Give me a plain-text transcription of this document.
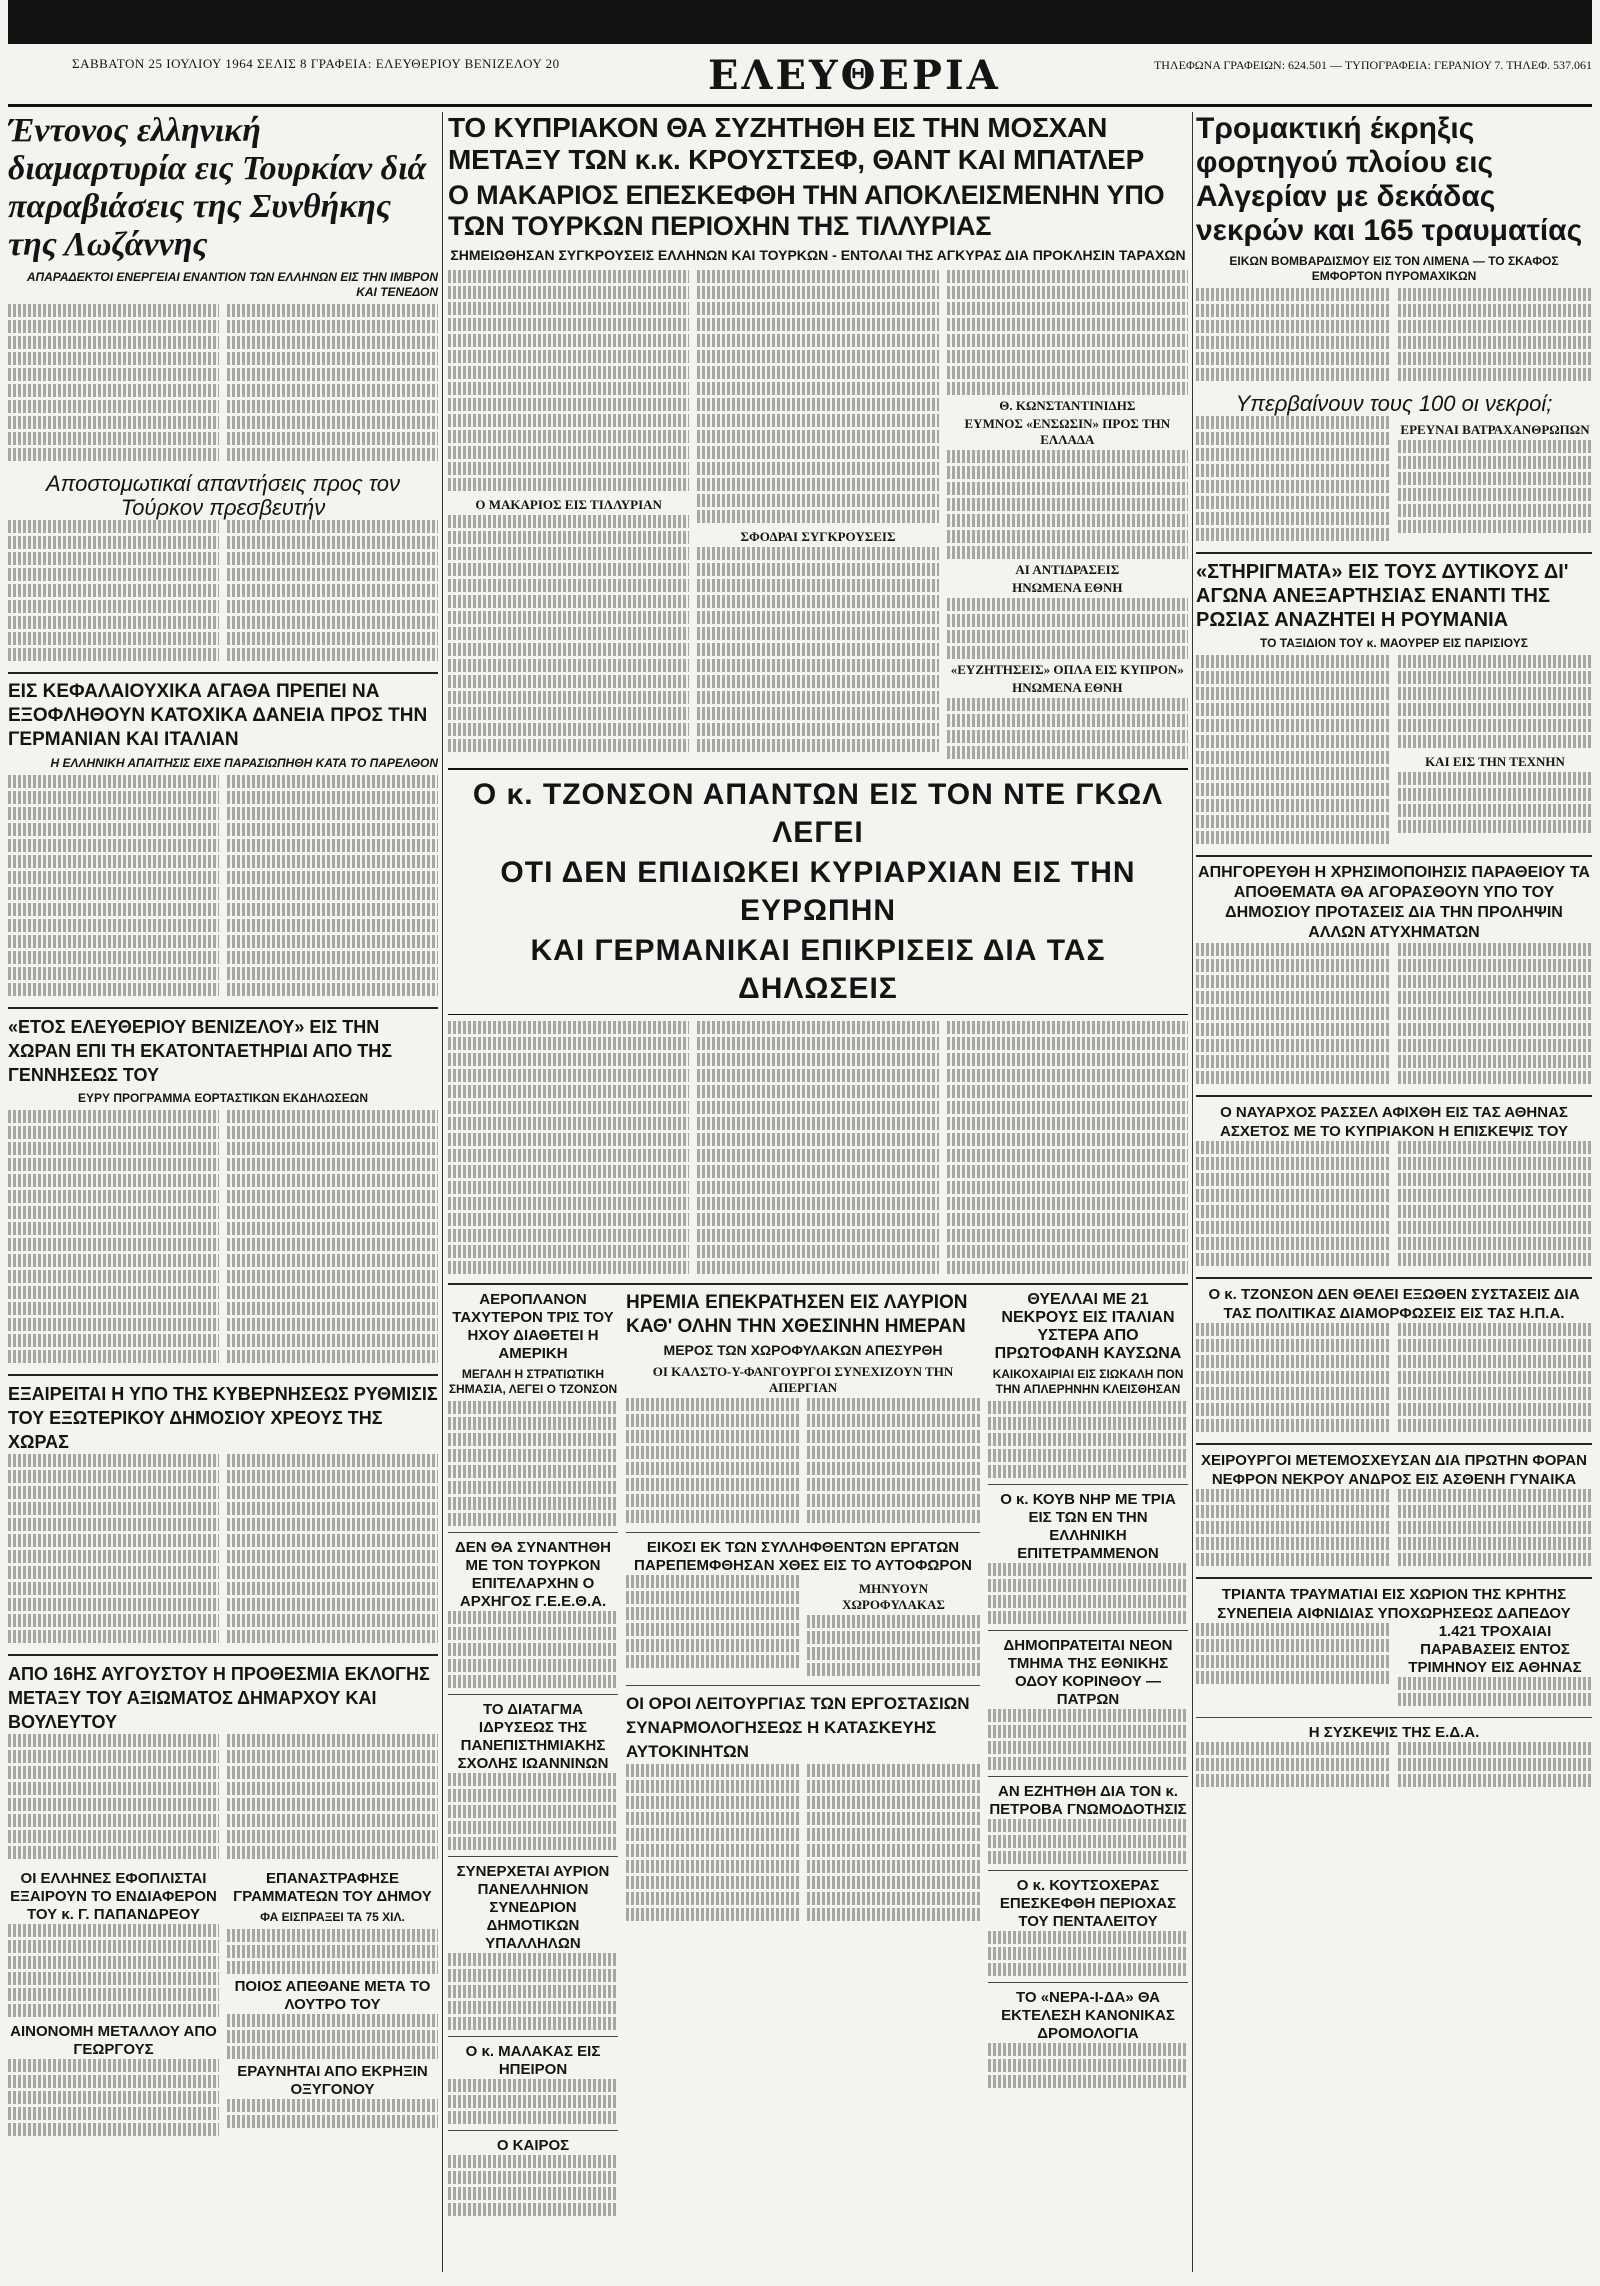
ΣΑΒΒΑΤΟΝ 25 ΙΟΥΛΙΟΥ 1964 ΣΕΛΙΣ 8 ΓΡΑΦΕΙΑ: ΕΛΕΥΘΕΡΙΟΥ ΒΕΝΙΖΕΛΟΥ 20	ΕΛΕΥΘΕΡΙΑ	ΤΗΛΕΦΩΝΑ ΓΡΑΦΕΙΩΝ: 624.501 — ΤΥΠΟΓΡΑΦΕΙΑ: ΓΕΡΑΝΙΟΥ 7. ΤΗΛΕΦ. 537.061
Έντονος ελληνική διαμαρτυρία εις Τουρκίαν διά παραβιάσεις της Συνθήκης της Λωζάννης
ΑΠΑΡΑΔΕΚΤΟΙ ΕΝΕΡΓΕΙΑΙ ΕΝΑΝΤΙΟΝ ΤΩΝ ΕΛΛΗΝΩΝ ΕΙΣ ΤΗΝ ΙΜΒΡΟΝ ΚΑΙ ΤΕΝΕΔΟΝ
Αποστομωτικαί απαντήσεις προς τον Τούρκον πρεσβευτήν
ΕΙΣ ΚΕΦΑΛΑΙΟΥΧΙΚΑ ΑΓΑΘΑ ΠΡΕΠΕΙ ΝΑ ΕΞΟΦΛΗΘΟΥΝ ΚΑΤΟΧΙΚΑ ΔΑΝΕΙΑ ΠΡΟΣ ΤΗΝ ΓΕΡΜΑΝΙΑΝ ΚΑΙ ΙΤΑΛΙΑΝ
Η ΕΛΛΗΝΙΚΗ ΑΠΑΙΤΗΣΙΣ ΕΙΧΕ ΠΑΡΑΣΙΩΠΗΘΗ ΚΑΤΑ ΤΟ ΠΑΡΕΛΘΟΝ
«ΕΤΟΣ ΕΛΕΥΘΕΡΙΟΥ ΒΕΝΙΖΕΛΟΥ» ΕΙΣ ΤΗΝ ΧΩΡΑΝ ΕΠΙ ΤΗ ΕΚΑΤΟΝΤΑΕΤΗΡΙΔΙ ΑΠΟ ΤΗΣ ΓΕΝΝΗΣΕΩΣ ΤΟΥ
ΕΥΡΥ ΠΡΟΓΡΑΜΜΑ ΕΟΡΤΑΣΤΙΚΩΝ ΕΚΔΗΛΩΣΕΩΝ
ΕΞΑΙΡΕΙΤΑΙ Η ΥΠΟ ΤΗΣ ΚΥΒΕΡΝΗΣΕΩΣ ΡΥΘΜΙΣΙΣ ΤΟΥ ΕΞΩΤΕΡΙΚΟΥ ΔΗΜΟΣΙΟΥ ΧΡΕΟΥΣ ΤΗΣ ΧΩΡΑΣ
ΑΠΟ 16ΗΣ ΑΥΓΟΥΣΤΟΥ Η ΠΡΟΘΕΣΜΙΑ ΕΚΛΟΓΗΣ ΜΕΤΑΞΥ ΤΟΥ ΑΞΙΩΜΑΤΟΣ ΔΗΜΑΡΧΟΥ ΚΑΙ ΒΟΥΛΕΥΤΟΥ
ΟΙ ΕΛΛΗΝΕΣ ΕΦΟΠΛΙΣΤΑΙ ΕΞΑΙΡΟΥΝ ΤΟ ΕΝΔΙΑΦΕΡΟΝ ΤΟΥ κ. Γ. ΠΑΠΑΝΔΡΕΟΥ
ΑΙΝΟΝΟΜΗ ΜΕΤΑΛΛΟΥ ΑΠΟ ΓΕΩΡΓΟΥΣ
ΕΠΑΝΑΣΤΡΑΦΗΣΕ ΓΡΑΜΜΑΤΕΩΝ ΤΟΥ ΔΗΜΟΥ
ΦΑ ΕΙΣΠΡΑΞΕΙ ΤΑ 75 ΧΙΛ.
ΠΟΙΟΣ ΑΠΕΘΑΝΕ ΜΕΤΑ ΤΟ ΛΟΥΤΡΟ ΤΟΥ
ΕΡΑΥΝΗΤΑΙ ΑΠΟ ΕΚΡΗΞΙΝ ΟΞΥΓΟΝΟΥ
ΤΟ ΚΥΠΡΙΑΚΟΝ ΘΑ ΣΥΖΗΤΗΘΗ ΕΙΣ ΤΗΝ ΜΟΣΧΑΝ ΜΕΤΑΞΥ ΤΩΝ κ.κ. ΚΡΟΥΣΤΣΕΦ, ΘΑΝΤ ΚΑΙ ΜΠΑΤΛΕΡ
Ο ΜΑΚΑΡΙΟΣ ΕΠΕΣΚΕΦΘΗ ΤΗΝ ΑΠΟΚΛΕΙΣΜΕΝΗΝ ΥΠΟ ΤΩΝ ΤΟΥΡΚΩΝ ΠΕΡΙΟΧΗΝ ΤΗΣ ΤΙΛΛΥΡΙΑΣ
ΣΗΜΕΙΩΘΗΣΑΝ ΣΥΓΚΡΟΥΣΕΙΣ ΕΛΛΗΝΩΝ ΚΑΙ ΤΟΥΡΚΩΝ - ΕΝΤΟΛΑΙ ΤΗΣ ΑΓΚΥΡΑΣ ΔΙΑ ΠΡΟΚΛΗΣΙΝ ΤΑΡΑΧΩΝ
Ο ΜΑΚΑΡΙΟΣ ΕΙΣ ΤΙΛΛΥΡΙΑΝ
ΣΦΟΔΡΑΙ ΣΥΓΚΡΟΥΣΕΙΣ
Θ. ΚΩΝΣΤΑΝΤΙΝΙΔΗΣ
ΕΥΜΝΟΣ «ΕΝΣΩΣΙΝ» ΠΡΟΣ ΤΗΝ ΕΛΛΑΔΑ
ΑΙ ΑΝΤΙΔΡΑΣΕΙΣ
ΗΝΩΜΕΝΑ ΕΘΝΗ
«ΕΥΖΗΤΗΣΕΙΣ» ΟΠΛΑ ΕΙΣ ΚΥΠΡΟΝ»
ΗΝΩΜΕΝΑ ΕΘΝΗ
Ο κ. ΤΖΟΝΣΟΝ ΑΠΑΝΤΩΝ ΕΙΣ ΤΟΝ ΝΤΕ ΓΚΩΛ ΛΕΓΕΙ
ΟΤΙ ΔΕΝ ΕΠΙΔΙΩΚΕΙ ΚΥΡΙΑΡΧΙΑΝ ΕΙΣ ΤΗΝ ΕΥΡΩΠΗΝ
ΚΑΙ ΓΕΡΜΑΝΙΚΑΙ ΕΠΙΚΡΙΣΕΙΣ ΔΙΑ ΤΑΣ ΔΗΛΩΣΕΙΣ
ΑΕΡΟΠΛΑΝΟΝ ΤΑΧΥΤΕΡΟΝ ΤΡΙΣ ΤΟΥ ΗΧΟΥ ΔΙΑΘΕΤΕΙ Η ΑΜΕΡΙΚΗ
ΜΕΓΑΛΗ Η ΣΤΡΑΤΙΩΤΙΚΗ ΣΗΜΑΣΙΑ, ΛΕΓΕΙ Ο ΤΖΟΝΣΟΝ
ΔΕΝ ΘΑ ΣΥΝΑΝΤΗΘΗ ΜΕ ΤΟΝ ΤΟΥΡΚΟΝ ΕΠΙΤΕΛΑΡΧΗΝ Ο ΑΡΧΗΓΟΣ Γ.Ε.Ε.Θ.Α.
ΤΟ ΔΙΑΤΑΓΜΑ ΙΔΡΥΣΕΩΣ ΤΗΣ ΠΑΝΕΠΙΣΤΗΜΙΑΚΗΣ ΣΧΟΛΗΣ ΙΩΑΝΝΙΝΩΝ
ΣΥΝΕΡΧΕΤΑΙ ΑΥΡΙΟΝ ΠΑΝΕΛΛΗΝΙΟΝ ΣΥΝΕΔΡΙΟΝ ΔΗΜΟΤΙΚΩΝ ΥΠΑΛΛΗΛΩΝ
Ο κ. ΜΑΛΑΚΑΣ ΕΙΣ ΗΠΕΙΡΟΝ
Ο ΚΑΙΡΟΣ
ΗΡΕΜΙΑ ΕΠΕΚΡΑΤΗΣΕΝ ΕΙΣ ΛΑΥΡΙΟΝ ΚΑΘ' ΟΛΗΝ ΤΗΝ ΧΘΕΣΙΝΗΝ ΗΜΕΡΑΝ
ΜΕΡΟΣ ΤΩΝ ΧΩΡΟΦΥΛΑΚΩΝ ΑΠΕΣΥΡΘΗ
ΟΙ ΚΑΛΣΤΟ-Υ-ΦΑΝΓΟΥΡΓΟΙ ΣΥΝΕΧΙΖΟΥΝ ΤΗΝ ΑΠΕΡΓΙΑΝ
ΕΙΚΟΣΙ ΕΚ ΤΩΝ ΣΥΛΛΗΦΘΕΝΤΩΝ ΕΡΓΑΤΩΝ ΠΑΡΕΠΕΜΦΘΗΣΑΝ ΧΘΕΣ ΕΙΣ ΤΟ ΑΥΤΟΦΩΡΟΝ
ΜΗΝΥΟΥΝ ΧΩΡΟΦΥΛΑΚΑΣ
ΟΙ ΟΡΟΙ ΛΕΙΤΟΥΡΓΙΑΣ ΤΩΝ ΕΡΓΟΣΤΑΣΙΩΝ ΣΥΝΑΡΜΟΛΟΓΗΣΕΩΣ Η ΚΑΤΑΣΚΕΥΗΣ ΑΥΤΟΚΙΝΗΤΩΝ
ΘΥΕΛΛΑΙ ΜΕ 21 ΝΕΚΡΟΥΣ ΕΙΣ ΙΤΑΛΙΑΝ ΥΣΤΕΡΑ ΑΠΟ ΠΡΩΤΟΦΑΝΗ ΚΑΥΣΩΝΑ
ΚΑΙΚΟΧΑΙΡΙΑΙ ΕΙΣ ΣΙΩΚΑΛΗ ΠΟΝ ΤΗΝ ΑΠΛΕΡΗΝΗΝ ΚΛΕΙΣΘΗΣΑΝ
Ο κ. ΚΟΥΒ ΝΗΡ ΜΕ ΤΡΙΑ ΕΙΣ ΤΩΝ ΕΝ ΤΗΝ ΕΛΛΗΝΙΚΗ ΕΠΙΤΕΤΡΑΜΜΕΝΟΝ
ΔΗΜΟΠΡΑΤΕΙΤΑΙ ΝΕΟΝ ΤΜΗΜΑ ΤΗΣ ΕΘΝΙΚΗΣ ΟΔΟΥ ΚΟΡΙΝΘΟΥ — ΠΑΤΡΩΝ
ΑΝ ΕΖΗΤΗΘΗ ΔΙΑ ΤΟΝ κ. ΠΕΤΡΟΒΑ ΓΝΩΜΟΔΟΤΗΣΙΣ
Ο κ. ΚΟΥΤΣΟΧΕΡΑΣ ΕΠΕΣΚΕΦΘΗ ΠΕΡΙΟΧΑΣ ΤΟΥ ΠΕΝΤΑΛΕΙΤΟΥ
ΤΟ «ΝΕΡΑ-Ι-ΔΑ» ΘΑ ΕΚΤΕΛΕΣΗ ΚΑΝΟΝΙΚΑΣ ΔΡΟΜΟΛΟΓΙΑ
Τρομακτική έκρηξις φορτηγού πλοίου εις Αλγερίαν με δεκάδας νεκρών και 165 τραυματίας
ΕΙΚΩΝ ΒΟΜΒΑΡΔΙΣΜΟΥ ΕΙΣ ΤΟΝ ΛΙΜΕΝΑ — ΤΟ ΣΚΑΦΟΣ ΕΜΦΟΡΤΟΝ ΠΥΡΟΜΑΧΙΚΩΝ
Υπερβαίνουν τους 100 οι νεκροί;
ΕΡΕΥΝΑΙ ΒΑΤΡΑΧΑΝΘΡΩΠΩΝ
«ΣΤΗΡΙΓΜΑΤΑ» ΕΙΣ ΤΟΥΣ ΔΥΤΙΚΟΥΣ ΔΙ' ΑΓΩΝΑ ΑΝΕΞΑΡΤΗΣΙΑΣ ΕΝΑΝΤΙ ΤΗΣ ΡΩΣΙΑΣ ΑΝΑΖΗΤΕΙ Η ΡΟΥΜΑΝΙΑ
ΤΟ ΤΑΞΙΔΙΟΝ ΤΟΥ κ. ΜΑΟΥΡΕΡ ΕΙΣ ΠΑΡΙΣΙΟΥΣ
ΚΑΙ ΕΙΣ ΤΗΝ ΤΕΧΝΗΝ
ΑΠΗΓΟΡΕΥΘΗ Η ΧΡΗΣΙΜΟΠΟΙΗΣΙΣ ΠΑΡΑΘΕΙΟΥ ΤΑ ΑΠΟΘΕΜΑΤΑ ΘΑ ΑΓΟΡΑΣΘΟΥΝ ΥΠΟ ΤΟΥ ΔΗΜΟΣΙΟΥ ΠΡΟΤΑΣΕΙΣ ΔΙΑ ΤΗΝ ΠΡΟΛΗΨΙΝ ΑΛΛΩΝ ΑΤΥΧΗΜΑΤΩΝ
Ο ΝΑΥΑΡΧΟΣ ΡΑΣΣΕΛ ΑΦΙΧΘΗ ΕΙΣ ΤΑΣ ΑΘΗΝΑΣ ΑΣΧΕΤΟΣ ΜΕ ΤΟ ΚΥΠΡΙΑΚΟΝ Η ΕΠΙΣΚΕΨΙΣ ΤΟΥ
Ο κ. ΤΖΟΝΣΟΝ ΔΕΝ ΘΕΛΕΙ ΕΞΩΘΕΝ ΣΥΣΤΑΣΕΙΣ ΔΙΑ ΤΑΣ ΠΟΛΙΤΙΚΑΣ ΔΙΑΜΟΡΦΩΣΕΙΣ ΕΙΣ ΤΑΣ Η.Π.Α.
ΧΕΙΡΟΥΡΓΟΙ ΜΕΤΕΜΟΣΧΕΥΣΑΝ ΔΙΑ ΠΡΩΤΗΝ ΦΟΡΑΝ ΝΕΦΡΟΝ ΝΕΚΡΟΥ ΑΝΔΡΟΣ ΕΙΣ ΑΣΘΕΝΗ ΓΥΝΑΙΚΑ
ΤΡΙΑΝΤΑ ΤΡΑΥΜΑΤΙΑΙ ΕΙΣ ΧΩΡΙΟΝ ΤΗΣ ΚΡΗΤΗΣ ΣΥΝΕΠΕΙΑ ΑΙΦΝΙΔΙΑΣ ΥΠΟΧΩΡΗΣΕΩΣ ΔΑΠΕΔΟΥ
1.421 ΤΡΟΧΑΙΑΙ ΠΑΡΑΒΑΣΕΙΣ ΕΝΤΟΣ ΤΡΙΜΗΝΟΥ ΕΙΣ ΑΘΗΝΑΣ
Η ΣΥΣΚΕΨΙΣ ΤΗΣ Ε.Δ.Α.
